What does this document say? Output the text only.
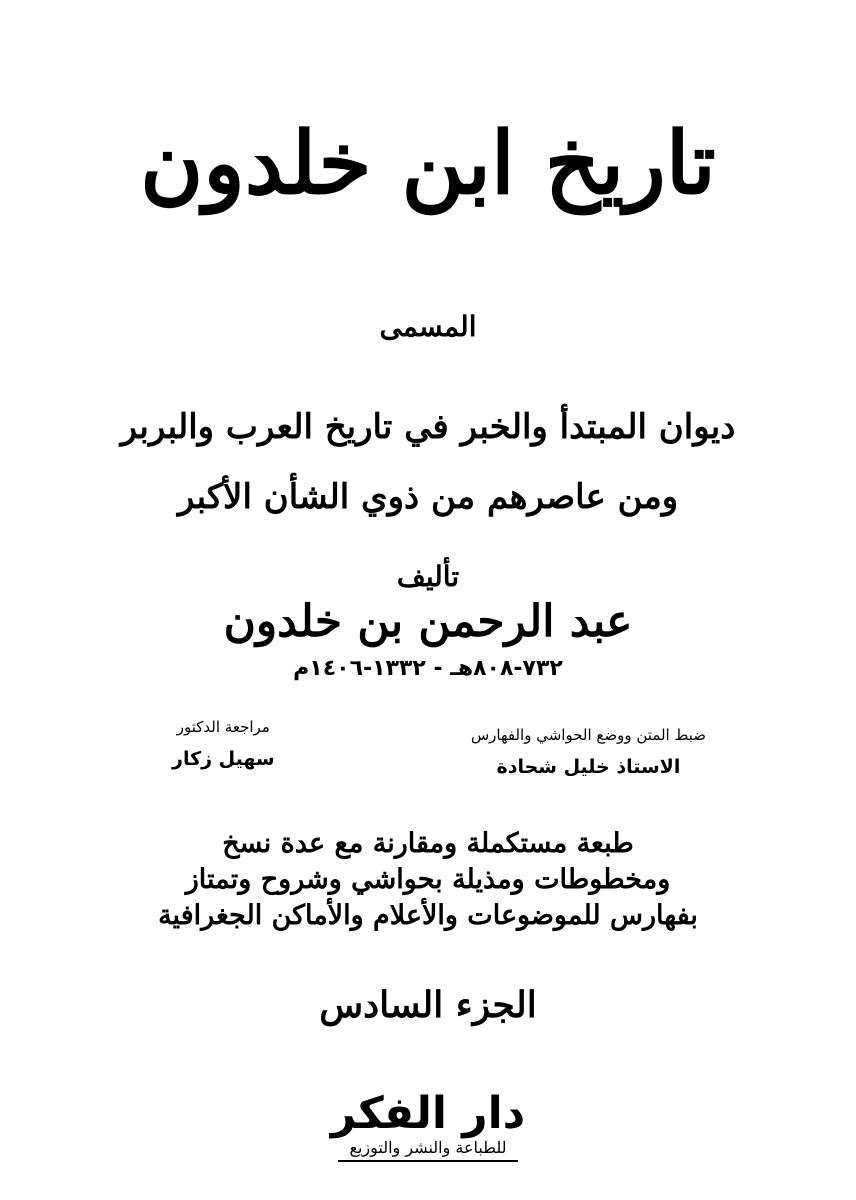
تاريخ ابن خلدون
المسمى
ديوان المبتدأ والخبر في تاريخ العرب والبربر
ومن عاصرهم من ذوي الشأن الأكبر
تأليف
عبد الرحمن بن خلدون
٧٣٢-٨٠٨هـ - ١٣٣٢-١٤٠٦م
ضبط المتن ووضع الحواشي والفهارس
الاستاذ خليل شحادة
مراجعة الدكتور
سهيل زكار
طبعة مستكملة ومقارنة مع عدة نسخ
ومخطوطات ومذيلة بحواشي وشروح وتمتاز
بفهارس للموضوعات والأعلام والأماكن الجغرافية
الجزء السادس
دار الفكر
للطباعة والنشر والتوزيع
